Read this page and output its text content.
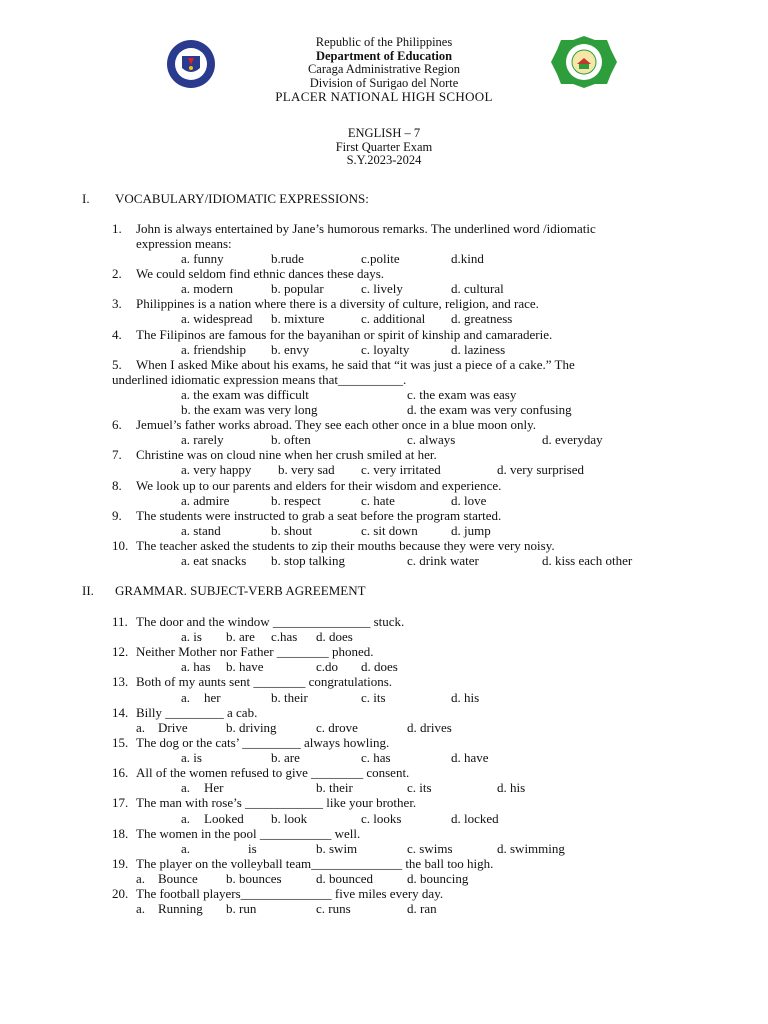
Republic of the Philippines
Department of Education
Caraga Administrative Region
Division of Surigao del Norte
PLACER NATIONAL HIGH SCHOOL
ENGLISH – 7
First Quarter Exam
S.Y.2023-2024
I. VOCABULARY/IDIOMATIC EXPRESSIONS:
1. John is always entertained by Jane’s humorous remarks. The underlined word /idiomatic
expression means:
a. funny	b.rude	c.polite	d.kind
2. We could seldom find ethnic dances these days.
a. modern	b. popular	c. lively	d. cultural
3. Philippines is a nation where there is a diversity of culture, religion, and race.
a. widespread b. mixture	c. additional d. greatness
4. The Filipinos are famous for the bayanihan or spirit of kinship and camaraderie.
a. friendship b. envy	c. loyalty	d. laziness
5. When I asked Mike about his exams, he said that “it was just a piece of a cake.” The
underlined idiomatic expression means that__________.
a. the exam was difficult	c. the exam was easy
b. the exam was very long	d. the exam was very confusing
6. Jemuel’s father works abroad. They see each other once in a blue moon only.
a. rarely	b. often	c. always	d. everyday
7. Christine was on cloud nine when her crush smiled at her.
a. very happy b. very sad c. very irritated	d. very surprised
8. We look up to our parents and elders for their wisdom and experience.
a. admire	b. respect	c. hate	d. love
9. The students were instructed to grab a seat before the program started.
a. stand	b. shout	c. sit down	d. jump
10. The teacher asked the students to zip their mouths because they were very noisy.
a. eat snacks b. stop talking	c. drink water	d. kiss each other
II. GRAMMAR. SUBJECT-VERB AGREEMENT
11. The door and the window _______________ stuck.
a. is b. are c.has d. does
12. Neither Mother nor Father ________ phoned.
a. has b. have	c.do d. does
13. Both of my aunts sent ________ congratulations.
a. her	b. their	c. its	d. his
14. Billy _________ a cab.
a. Drive	b. driving	c. drove	d. drives
15. The dog or the cats’ _________ always howling.
a. is	b. are	c. has	d. have
16. All of the women refused to give ________ consent.
a. Her	b. their	c. its	d. his
17. The man with rose’s ____________ like your brother.
a. Looked b. look	c. looks	d. locked
18. The women in the pool ___________ well.
a.	is	b. swim	c. swims	d. swimming
19. The player on the volleyball team______________ the ball too high.
a. Bounce b. bounces	d. bounced	d. bouncing
20. The football players______________ five miles every day.
a. Running b. run	c. runs	d. ran
